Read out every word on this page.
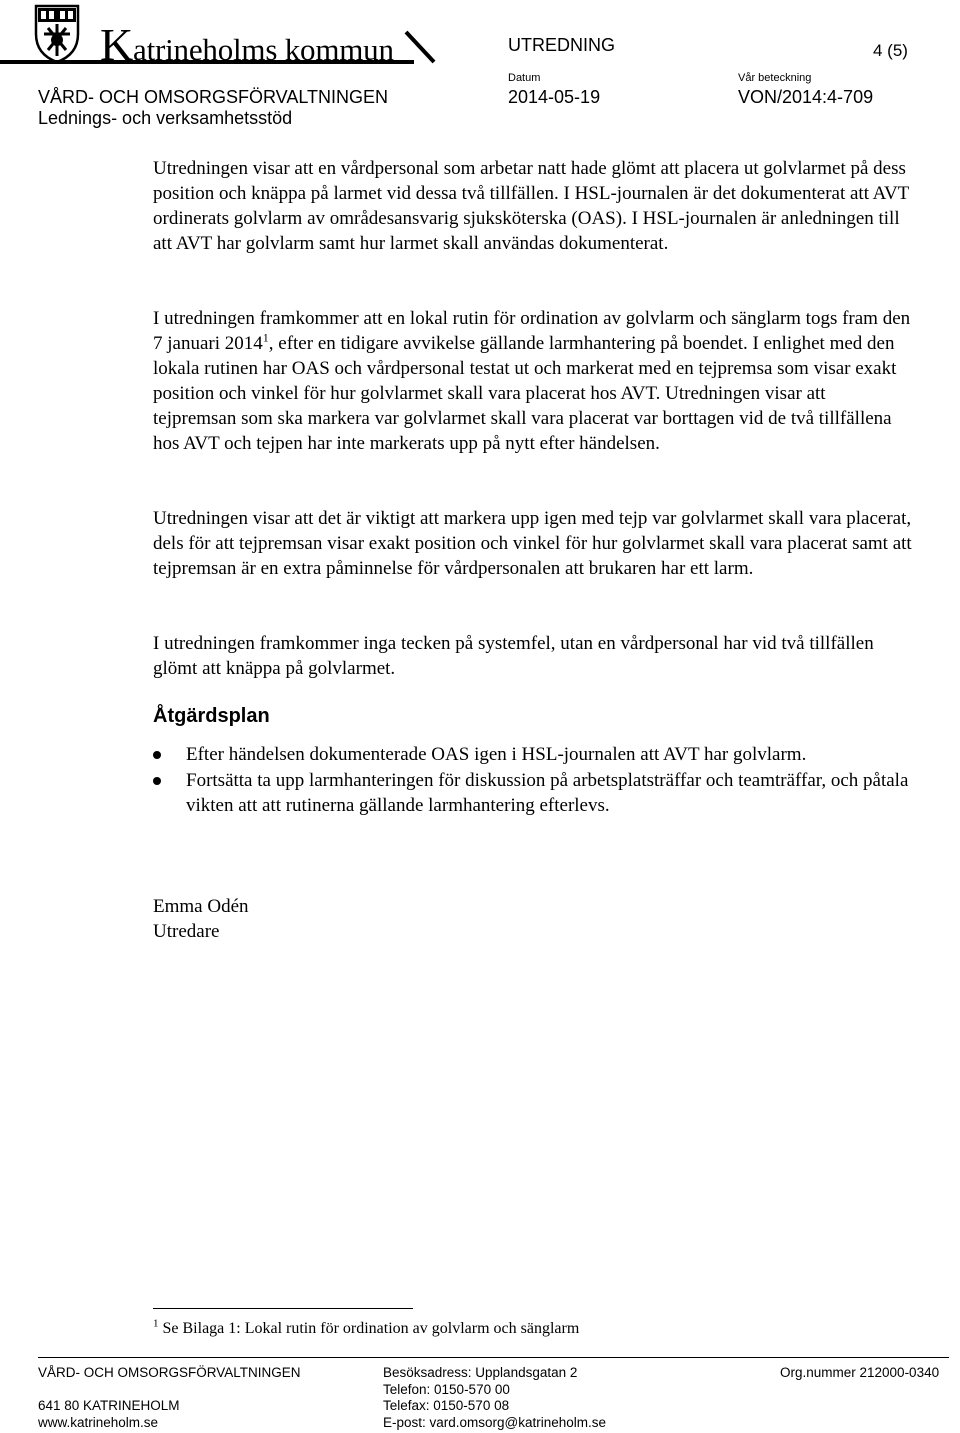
Katrineholms kommun	UTREDNING	4 (5)
Datum	Vår beteckning
VÅRD- OCH OMSORGSFÖRVALTNINGEN	2014-05-19	VON/2014:4-709
Lednings- och verksamhetsstöd

Utredningen visar att en vårdpersonal som arbetar natt hade glömt att placera ut golvlarmet på dess position och knäppa på larmet vid dessa två tillfällen. I HSL-journalen är det dokumenterat att AVT ordinerats golvlarm av områdesansvarig sjuksköterska (OAS). I HSL-journalen är anledningen till att AVT har golvlarm samt hur larmet skall användas dokumenterat.

I utredningen framkommer att en lokal rutin för ordination av golvlarm och sänglarm togs fram den 7 januari 2014$^1$, efter en tidigare avvikelse gällande larmhantering på boendet. I enlighet med den lokala rutinen har OAS och vårdpersonal testat ut och markerat med en tejpremsa som visar exakt position och vinkel för hur golvlarmet skall vara placerat hos AVT. Utredningen visar att tejpremsan som ska markera var golvlarmet skall vara placerat var borttagen vid de två tillfällena hos AVT och tejpen har inte markerats upp på nytt efter händelsen.

Utredningen visar att det är viktigt att markera upp igen med tejp var golvlarmet skall vara placerat, dels för att tejpremsan visar exakt position och vinkel för hur golvlarmet skall vara placerat samt att tejpremsan är en extra påminnelse för vårdpersonalen att brukaren har ett larm.

I utredningen framkommer inga tecken på systemfel, utan en vårdpersonal har vid två tillfällen glömt att knäppa på golvlarmet.

Åtgärdsplan
Efter händelsen dokumenterade OAS igen i HSL-journalen att AVT har golvlarm.
Fortsätta ta upp larmhanteringen för diskussion på arbetsplatsträffar och teamträffar, och påtala vikten att att rutinerna gällande larmhantering efterlevs.
Emma Odén
Utredare
$^1$ Se Bilaga 1: Lokal rutin för ordination av golvlarm och sänglarm
VÅRD- OCH OMSORGSFÖRVALTNINGEN
641 80 KATRINEHOLM
www.katrineholm.se
Besöksadress: Upplandsgatan 2
Telefon: 0150-570 00
Telefax: 0150-570 08
E-post: vard.omsorg@katrineholm.se
Org.nummer 212000-0340
